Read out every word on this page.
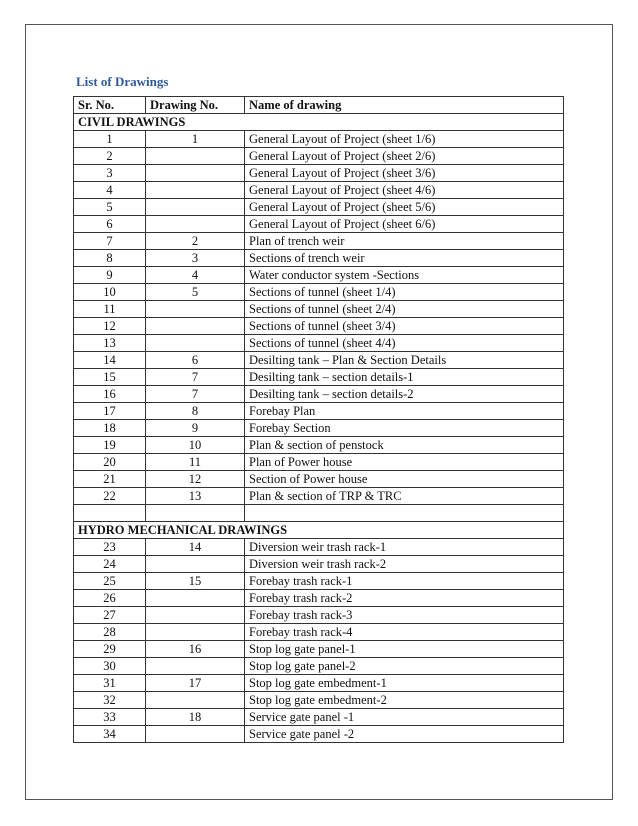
List of Drawings
Sr. No.	Drawing No.	Name of drawing
CIVIL DRAWINGS		
1	1	General Layout of Project (sheet 1/6)
2		General Layout of Project (sheet 2/6)
3		General Layout of Project (sheet 3/6)
4		General Layout of Project (sheet 4/6)
5		General Layout of Project (sheet 5/6)
6		General Layout of Project (sheet 6/6)
7	2	Plan of trench weir
8	3	Sections of trench weir
9	4	Water conductor system -Sections
10	5	Sections of tunnel (sheet 1/4)
11		Sections of tunnel (sheet 2/4)
12		Sections of tunnel (sheet 3/4)
13		Sections of tunnel (sheet 4/4)
14	6	Desilting tank – Plan & Section Details
15	7	Desilting tank – section details-1
16	7	Desilting tank – section details-2
17	8	Forebay Plan
18	9	Forebay Section
19	10	Plan & section of penstock
20	11	Plan of Power house
21	12	Section of Power house
22	13	Plan & section of TRP & TRC

HYDRO MECHANICAL DRAWINGS		
23	14	Diversion weir trash rack-1
24		Diversion weir trash rack-2
25	15	Forebay trash rack-1
26		Forebay trash rack-2
27		Forebay trash rack-3
28		Forebay trash rack-4
29	16	Stop log gate panel-1
30		Stop log gate panel-2
31	17	Stop log gate embedment-1
32		Stop log gate embedment-2
33	18	Service gate panel -1
34		Service gate panel -2
